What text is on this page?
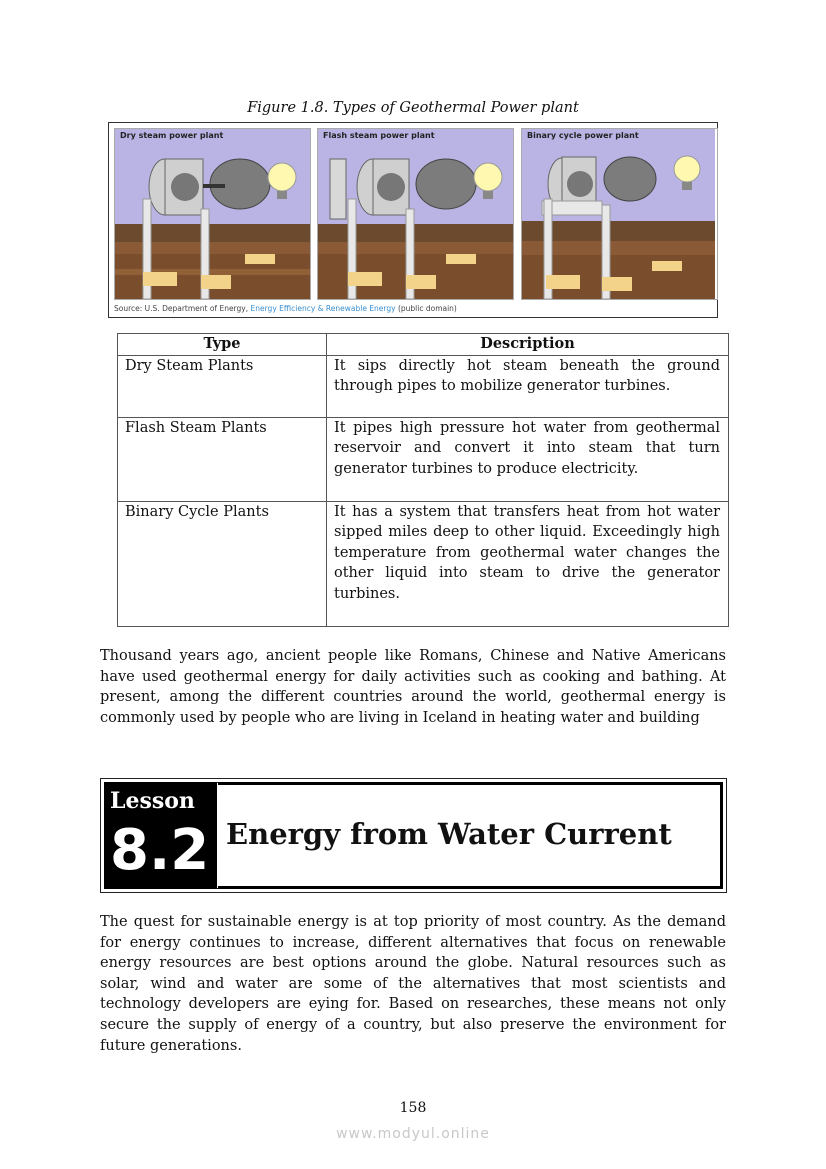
Figure 1.8. Types of Geothermal Power plant
Dry steam power plant	Flash steam power plant	Binary cycle power plant
Source: U.S. Department of Energy, Energy Efficiency & Renewable Energy (public domain)
Type	Description
Dry Steam Plants	It sips directly hot steam beneath the ground through pipes to mobilize generator turbines.
Flash Steam Plants	It pipes high pressure hot water from geothermal reservoir and convert it into steam that turn generator turbines to produce electricity.
Binary Cycle Plants	It has a system that transfers heat from hot water sipped miles deep to other liquid. Exceedingly high temperature from geothermal water changes the other liquid into steam to drive the generator turbines.

Thousand years ago, ancient people like Romans, Chinese and Native Americans have used geothermal energy for daily activities such as cooking and bathing. At present, among the different countries around the world, geothermal energy is commonly used by people who are living in Iceland in heating water and building

Lesson
8.2 Energy from Water Current

The quest for sustainable energy is at top priority of most country. As the demand for energy continues to increase, different alternatives that focus on renewable energy resources are best options around the globe. Natural resources such as solar, wind and water are some of the alternatives that most scientists and technology developers are eying for. Based on researches, these means not only secure the supply of energy of a country, but also preserve the environment for future generations.

158
www.modyul.online
